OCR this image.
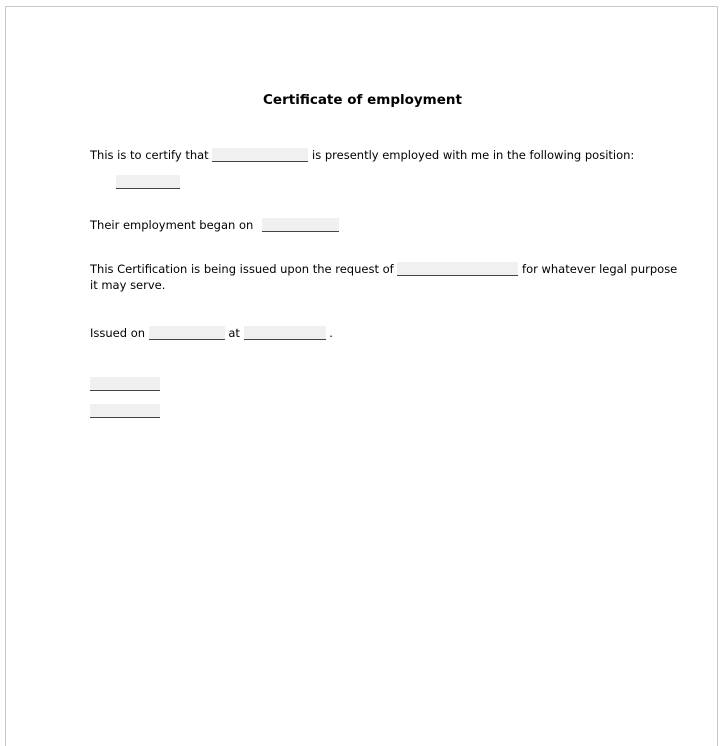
Certificate of employment
This is to certify that	is presently employed with me in the following position:
Their employment began on
This Certification is being issued upon the request of	for whatever legal purpose
it may serve.
Issued on	at	.
